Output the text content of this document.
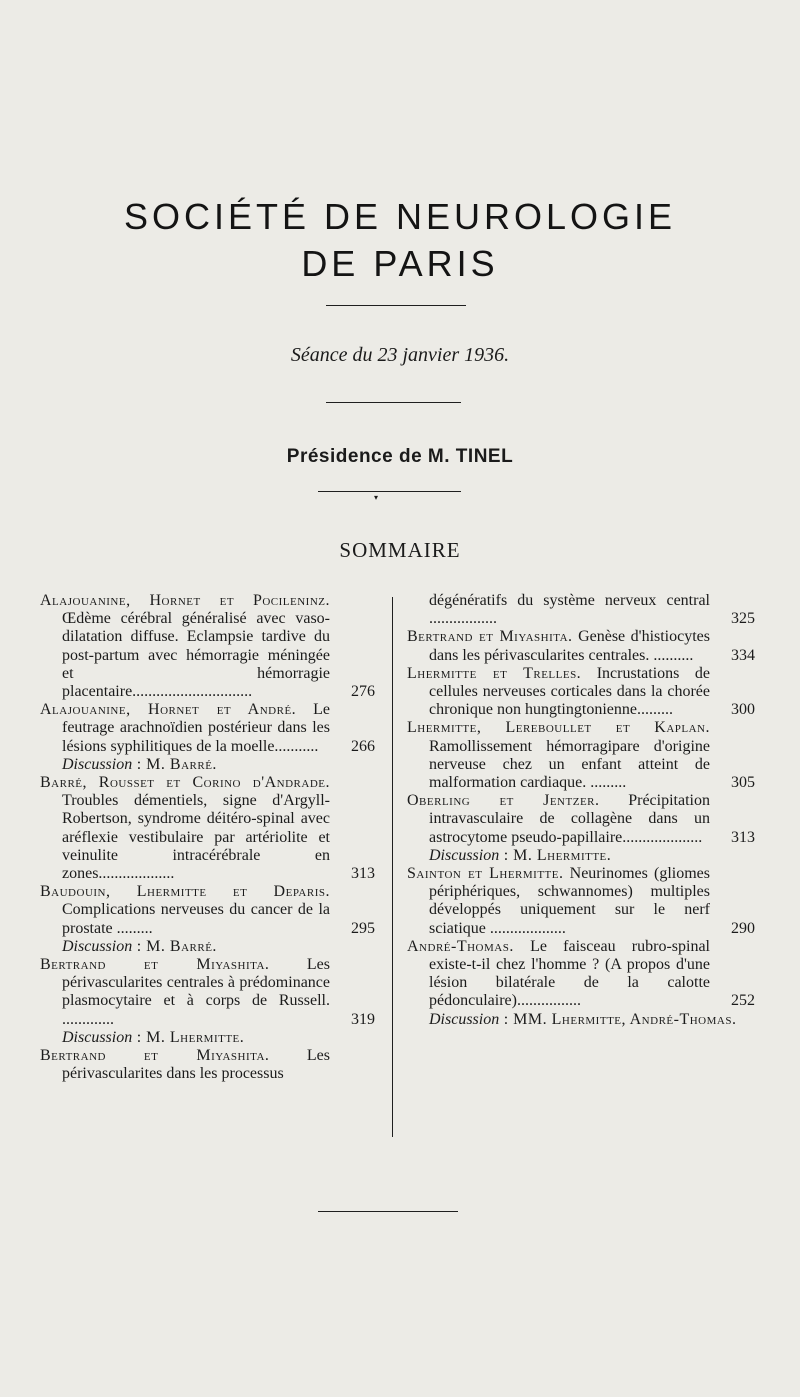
SOCIÉTÉ DE NEUROLOGIE
DE PARIS
Séance du 23 janvier 1936.
Présidence de M. TINEL
▾
SOMMAIRE
Alajouanine, Hornet et Pocileninz. Œdème cérébral généralisé avec vaso-dilatation diffuse. Eclampsie tardive du post-partum avec hémorragie méningée et hémorragie placentaire..............................	276
Alajouanine, Hornet et André. Le feutrage arachnoïdien postérieur dans les lésions syphilitiques de la moelle...........	266
Discussion : M. Barré.
Barré, Rousset et Corino d'Andrade. Troubles démentiels, signe d'Argyll-Robertson, syndrome déitéro-spinal avec aréflexie vestibulaire par artériolite et veinulite intracérébrale en zones...................	313
Baudouin, Lhermitte et Deparis. Complications nerveuses du cancer de la prostate .........	295
Discussion : M. Barré.
Bertrand et Miyashita. Les périvascularites centrales à prédominance plasmocytaire et à corps de Russell. .............	319
Discussion : M. Lhermitte.
Bertrand et Miyashita. Les périvascularites dans les processus
dégénératifs du système nerveux central .................	325
Bertrand et Miyashita. Genèse d'histiocytes dans les périvascularites centrales. ..........	334
Lhermitte et Trelles. Incrustations de cellules nerveuses corticales dans la chorée chronique non hungtingtonienne.........	300
Lhermitte, Lereboullet et Kaplan. Ramollissement hémorragipare d'origine nerveuse chez un enfant atteint de malformation cardiaque. .........	305
Oberling et Jentzer. Précipitation intravasculaire de collagène dans un astrocytome pseudo-papillaire....................	313
Discussion : M. Lhermitte.
Sainton et Lhermitte. Neurinomes (gliomes périphériques, schwannomes) multiples développés uniquement sur le nerf sciatique ...................	290
André-Thomas. Le faisceau rubro-spinal existe-t-il chez l'homme ? (A propos d'une lésion bilatérale de la calotte pédonculaire)................	252
Discussion : MM. Lhermitte, André-Thomas.
